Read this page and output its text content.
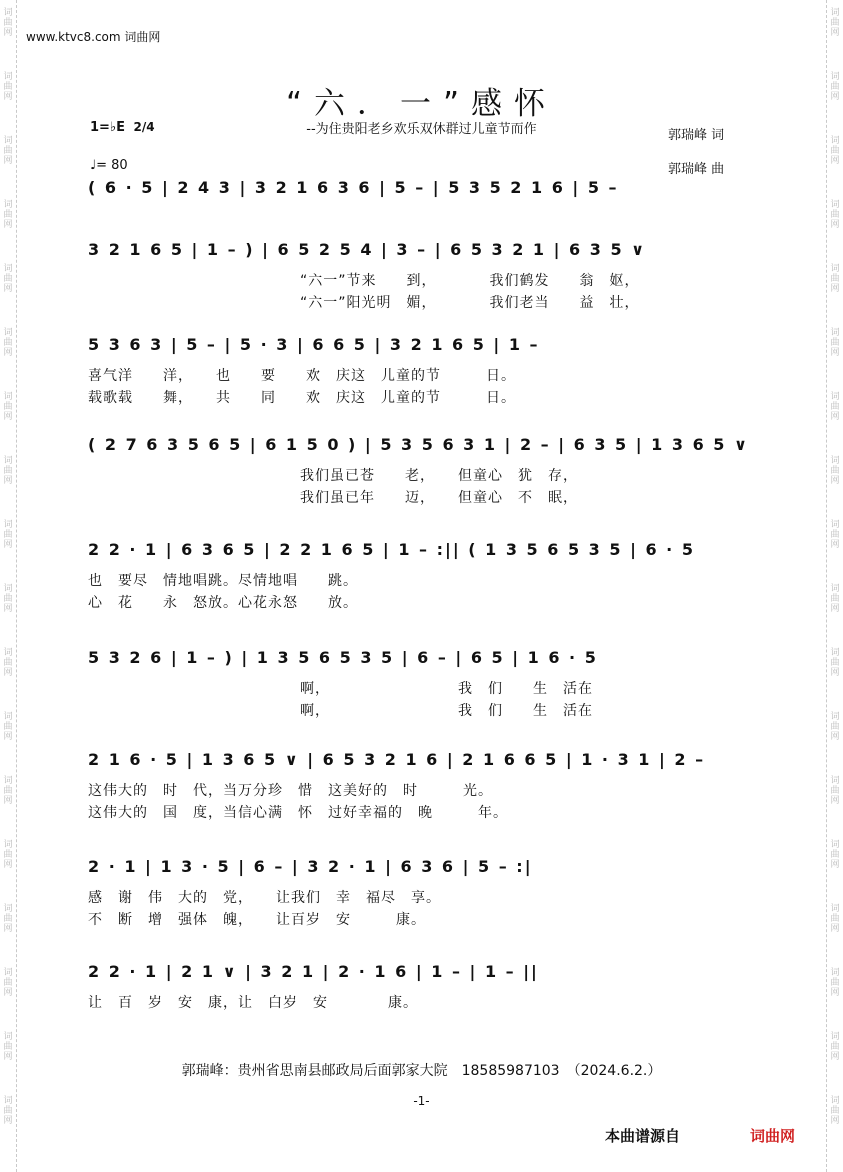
词曲网
词曲网
词曲网
词曲网
词曲网
词曲网
词曲网
词曲网
词曲网
词曲网
词曲网
词曲网
词曲网
词曲网
词曲网
词曲网
词曲网
词曲网
词曲网
词曲网
词曲网
词曲网
词曲网
词曲网
词曲网
词曲网
词曲网
词曲网
词曲网
词曲网
词曲网
词曲网
词曲网
词曲网
词曲网
词曲网
www.ktvc8.com 词曲网
“六．一”感怀
--为住贵阳老乡欢乐双休群过儿童节而作
1=♭E 2/4
♩= 80
郭瑞峰 词
郭瑞峰 曲
( 6 · 5 | 2 4 3 | 3 2 1 6 3 6 | 5 – | 5 3 5 2 1 6 | 5 –
3 2 1 6 5 | 1 – ) | 6 5 2 5 4 | 3 – | 6 5 3 2 1 | 6 3 5 ∨
“六一”节来　　到，　　　　我们鹤发　　翁　妪，
“六一”阳光明　媚，　　　　我们老当　　益　壮，
5 3 6 3 | 5 – | 5 · 3 | 6 6 5 | 3 2 1 6 5 | 1 –
喜气洋　　洋，　　也　　要　　欢　庆这　儿童的节　　　日。
载歌载　　舞，　　共　　同　　欢　庆这　儿童的节　　　日。
( 2 7 6 3 5 6 5 | 6 1 5 0 ) | 5 3 5 6 3 1 | 2 – | 6 3 5 | 1 3 6 5 ∨
我们虽已苍　　老，　　但童心　犹　存，
我们虽已年　　迈，　　但童心　不　眠，
2 2 · 1 | 6 3 6 5 | 2 2 1 6 5 | 1 – :|| ( 1 3 5 6 5 3 5 | 6 · 5
也　要尽　情地唱跳。尽情地唱　　跳。
心　花　　永　怒放。心花永怒　　放。
5 3 2 6 | 1 – ) | 1 3 5 6 5 3 5 | 6 – | 6 5 | 1 6 · 5
啊，　　　　　　　　　我　们　　生　活在
啊，　　　　　　　　　我　们　　生　活在
2 1 6 · 5 | 1 3 6 5 ∨ | 6 5 3 2 1 6 | 2 1 6 6 5 | 1 · 3 1 | 2 –
这伟大的　时　代，当万分珍　惜　这美好的　时　　　光。
这伟大的　国　度，当信心满　怀　过好幸福的　晚　　　年。
2 · 1 | 1 3 · 5 | 6 – | 3 2 · 1 | 6 3 6 | 5 – :|
感　谢　伟　大的　党，　　让我们　幸　福尽　享。
不　断　增　强体　魄，　　让百岁　安　　　康。
2 2 · 1 | 2 1 ∨ | 3 2 1 | 2 · 1 6 | 1 – | 1 – ||
让　百　岁　安　康，让　白岁　安　　　　康。
郭瑞峰：贵州省思南县邮政局后面郭家大院　18585987103　（2024.6.2.）
-1-
本曲谱源自	词曲网
